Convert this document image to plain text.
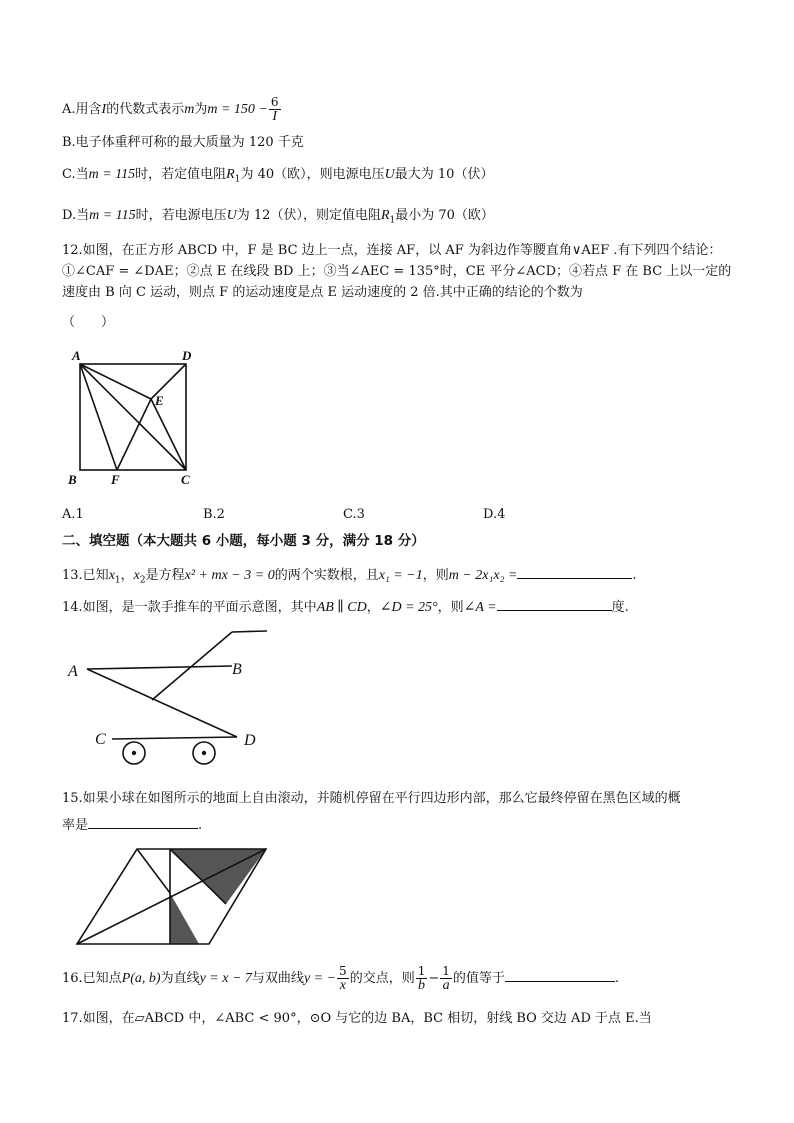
A.用含I的代数式表示m为$m = 150 - \frac{6}{I}$
B.电子体重秤可称的最大质量为 120 千克
C.当m = 115时，若定值电阻$R_1$为 40（欧），则电源电压U最大为 10（伏）
D.当m = 115时，若电源电压U为 12（伏），则定值电阻$R_1$最小为 70（欧）
12.如图，在正方形 ABCD 中，F 是 BC 边上一点，连接 AF，以 AF 为斜边作等腰直角∨AEF .有下列四个结论：①∠CAF = ∠DAE；②点 E 在线段 BD 上；③当∠AEC = 135°时，CE 平分∠ACD；④若点 F 在 BC 上以一定的速度由 B 向 C 运动，则点 F 的运动速度是点 E 运动速度的 2 倍.其中正确的结论的个数为
（　　）
A	D
E
B	F	C
A.1	B.2	C.3	D.4
二、填空题（本大题共 6 小题，每小题 3 分，满分 18 分）
13.已知$x_1$，$x_2$是方程x² + mx − 3 = 0的两个实数根，且x₁ = −1，则m − 2x₁x₂ =	.
14.如图，是一款手推车的平面示意图，其中AB ∥ CD，∠D = 25°，则∠A =	度.
A	B
C	D
15.如果小球在如图所示的地面上自由滚动，并随机停留在平行四边形内部，那么它最终停留在黑色区域的概
率是	.
16.已知点P(a, b)为直线y = x − 7与双曲线y = − $\frac{5}{x}$ 的交点，则 $\frac{1}{b} - \frac{1}{a}$ 的值等于	.
17.如图，在▱ABCD 中，∠ABC < 90°，⊙O 与它的边 BA，BC 相切，射线 BO 交边 AD 于点 E.当
